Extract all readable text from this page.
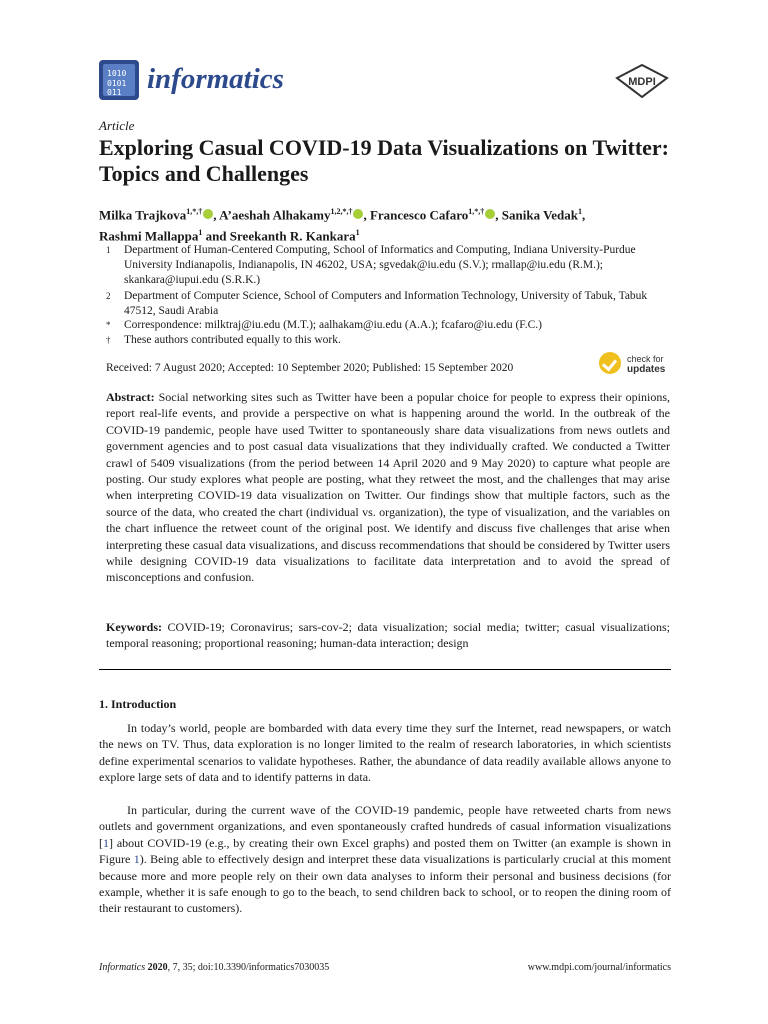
1010
0101
011 informatics	MDPI
Article
Exploring Casual COVID-19 Data Visualizations on Twitter: Topics and Challenges
Milka Trajkova$^{1,*,\dagger}$ , A’aeshah Alhakamy$^{1,2,*,\dagger}$ , Francesco Cafaro$^{1,*,\dagger}$ , Sanika Vedak$^1$,
Rashmi Mallappa$^1$ and Sreekanth R. Kankara$^1$
1	Department of Human-Centered Computing, School of Informatics and Computing, Indiana University-Purdue University Indianapolis, Indianapolis, IN 46202, USA; sgvedak@iu.edu (S.V.); rmallap@iu.edu (R.M.); skankara@iupui.edu (S.R.K.)
2	Department of Computer Science, School of Computers and Information Technology, University of Tabuk, Tabuk 47512, Saudi Arabia
*	Correspondence: milktraj@iu.edu (M.T.); aalhakam@iu.edu (A.A.); fcafaro@iu.edu (F.C.)
†	These authors contributed equally to this work.
Received: 7 August 2020; Accepted: 10 September 2020; Published: 15 September 2020
check for
updates
Abstract: Social networking sites such as Twitter have been a popular choice for people to express their opinions, report real-life events, and provide a perspective on what is happening around the world. In the outbreak of the COVID-19 pandemic, people have used Twitter to spontaneously share data visualizations from news outlets and government agencies and to post casual data visualizations that they individually crafted. We conducted a Twitter crawl of 5409 visualizations (from the period between 14 April 2020 and 9 May 2020) to capture what people are posting. Our study explores what people are posting, what they retweet the most, and the challenges that may arise when interpreting COVID-19 data visualization on Twitter. Our findings show that multiple factors, such as the source of the data, who created the chart (individual vs. organization), the type of visualization, and the variables on the chart influence the retweet count of the original post. We identify and discuss five challenges that arise when interpreting these casual data visualizations, and discuss recommendations that should be considered by Twitter users while designing COVID-19 data visualizations to facilitate data interpretation and to avoid the spread of misconceptions and confusion.
Keywords: COVID-19; Coronavirus; sars-cov-2; data visualization; social media; twitter; casual visualizations; temporal reasoning; proportional reasoning; human-data interaction; design
1. Introduction
In today’s world, people are bombarded with data every time they surf the Internet, read newspapers, or watch the news on TV. Thus, data exploration is no longer limited to the realm of research laboratories, in which scientists define experimental scenarios to validate hypotheses. Rather, the abundance of data readily available allows anyone to explore large sets of data and to identify patterns in data.
In particular, during the current wave of the COVID-19 pandemic, people have retweeted charts from news outlets and government organizations, and even spontaneously crafted hundreds of casual information visualizations [1] about COVID-19 (e.g., by creating their own Excel graphs) and posted them on Twitter (an example is shown in Figure 1). Being able to effectively design and interpret these data visualizations is particularly crucial at this moment because more and more people rely on their own data analyses to inform their personal and business decisions (for example, whether it is safe enough to go to the beach, to send children back to school, or to reopen the dining room of their restaurant to customers).
Informatics 2020, 7, 35; doi:10.3390/informatics7030035	www.mdpi.com/journal/informatics
